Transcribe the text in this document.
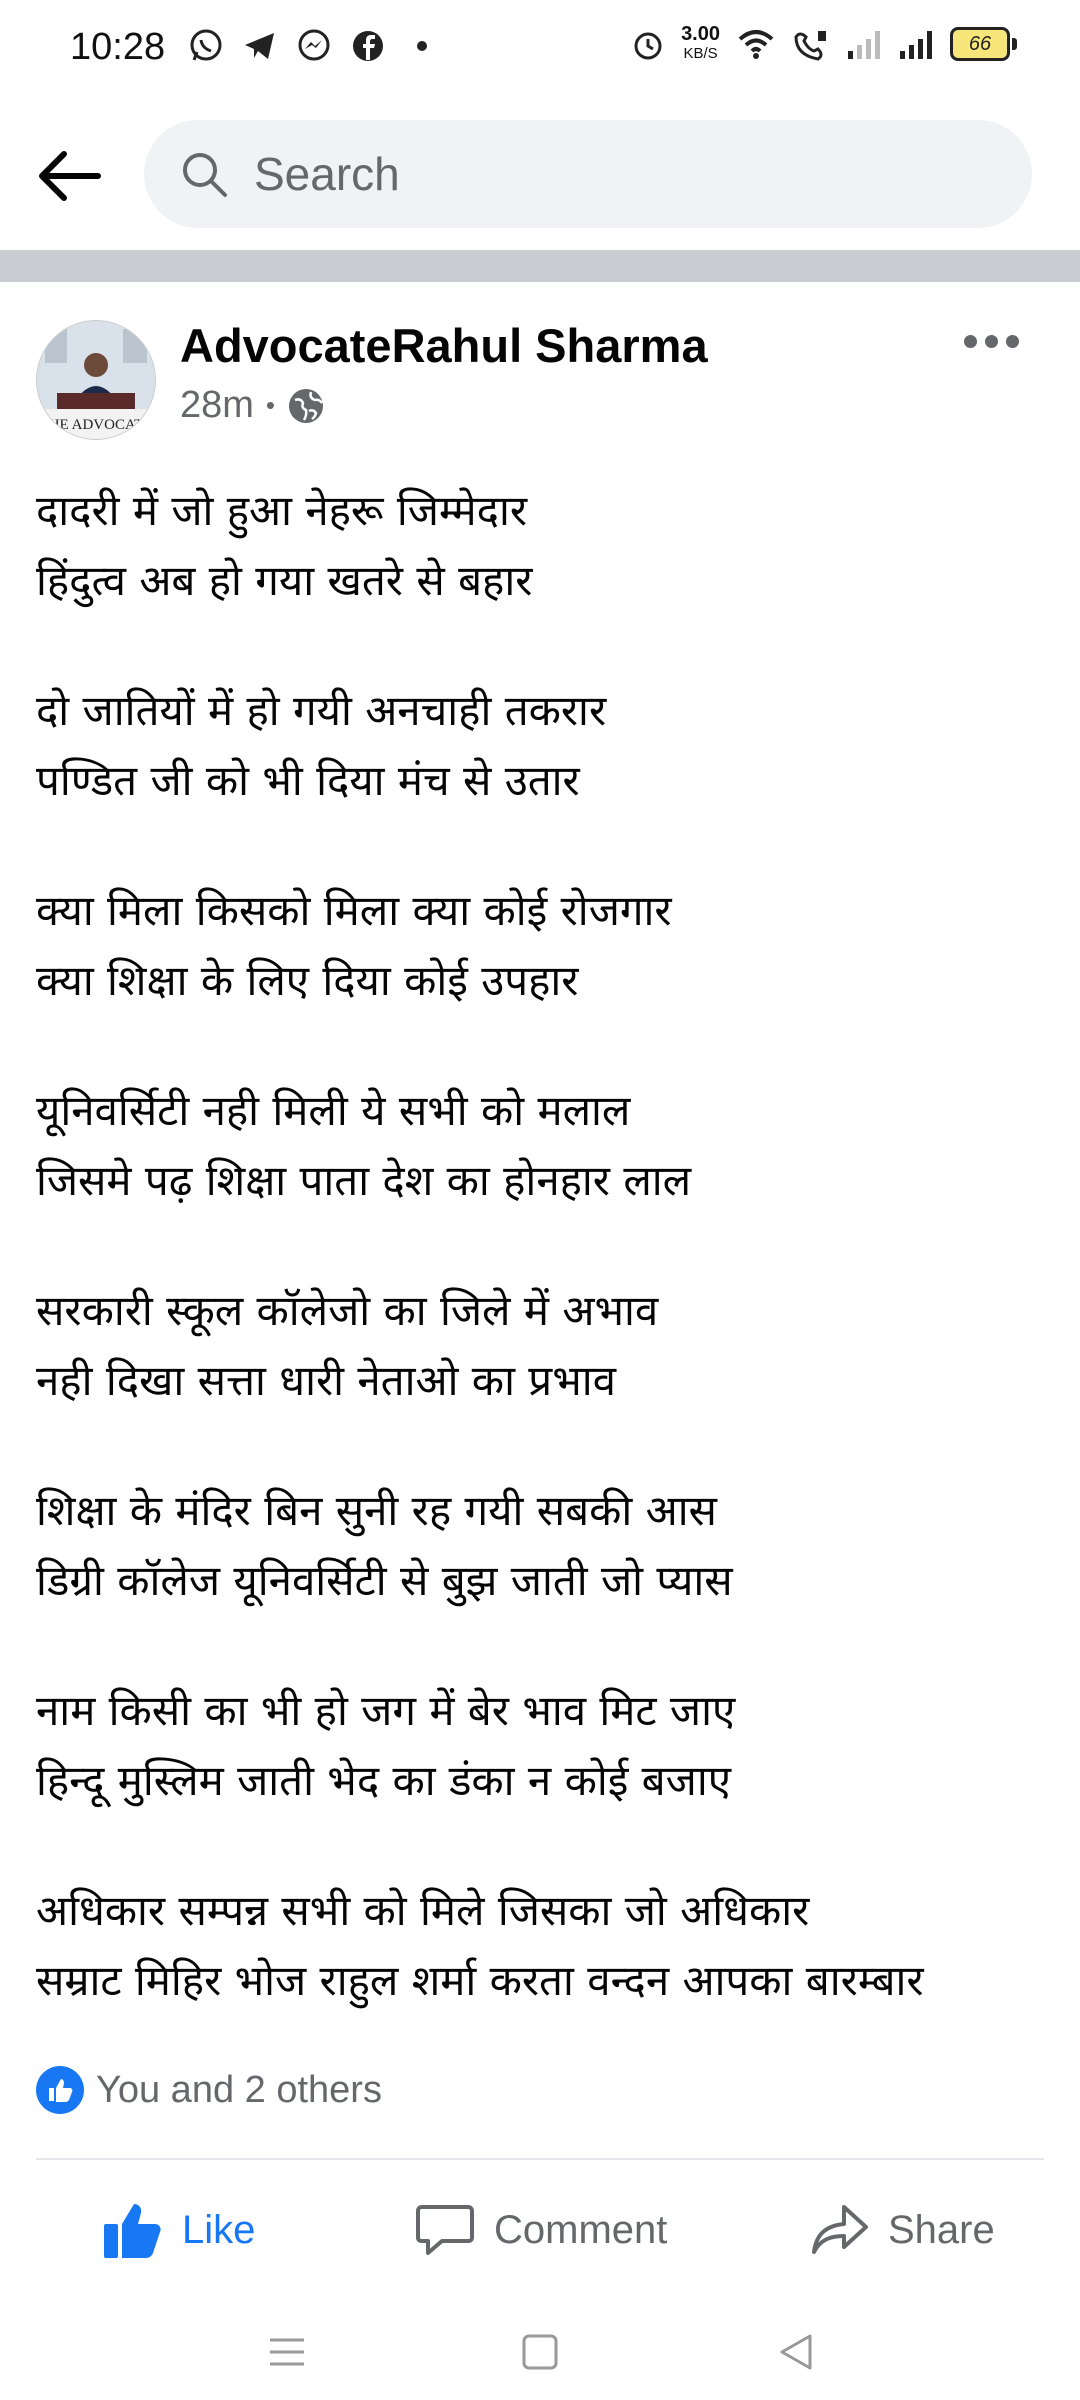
10:28	3.00
KB/S	66
Search
THE ADVOCATE
AdvocateRahul Sharma
28m •
दादरी में जो हुआ नेहरू जिम्मेदार
हिंदुत्व अब हो गया खतरे से बहार
दो जातियों में हो गयी अनचाही तकरार
पण्डित जी को भी दिया मंच से उतार
क्या मिला किसको मिला क्या कोई रोजगार
क्या शिक्षा के लिए दिया कोई उपहार
यूनिवर्सिटी नही मिली ये सभी को मलाल
जिसमे पढ़ शिक्षा पाता देश का होनहार लाल
सरकारी स्कूल कॉलेजो का जिले में अभाव
नही दिखा सत्ता धारी नेताओ का प्रभाव
शिक्षा के मंदिर बिन सुनी रह गयी सबकी आस
डिग्री कॉलेज यूनिवर्सिटी से बुझ जाती जो प्यास
नाम किसी का भी हो जग में बेर भाव मिट जाए
हिन्दू मुस्लिम जाती भेद का डंका न कोई बजाए
अधिकार सम्पन्न सभी को मिले जिसका जो अधिकार
सम्राट मिहिर भोज राहुल शर्मा करता वन्दन आपका बारम्बार
You and 2 others
Like	Comment	Share
